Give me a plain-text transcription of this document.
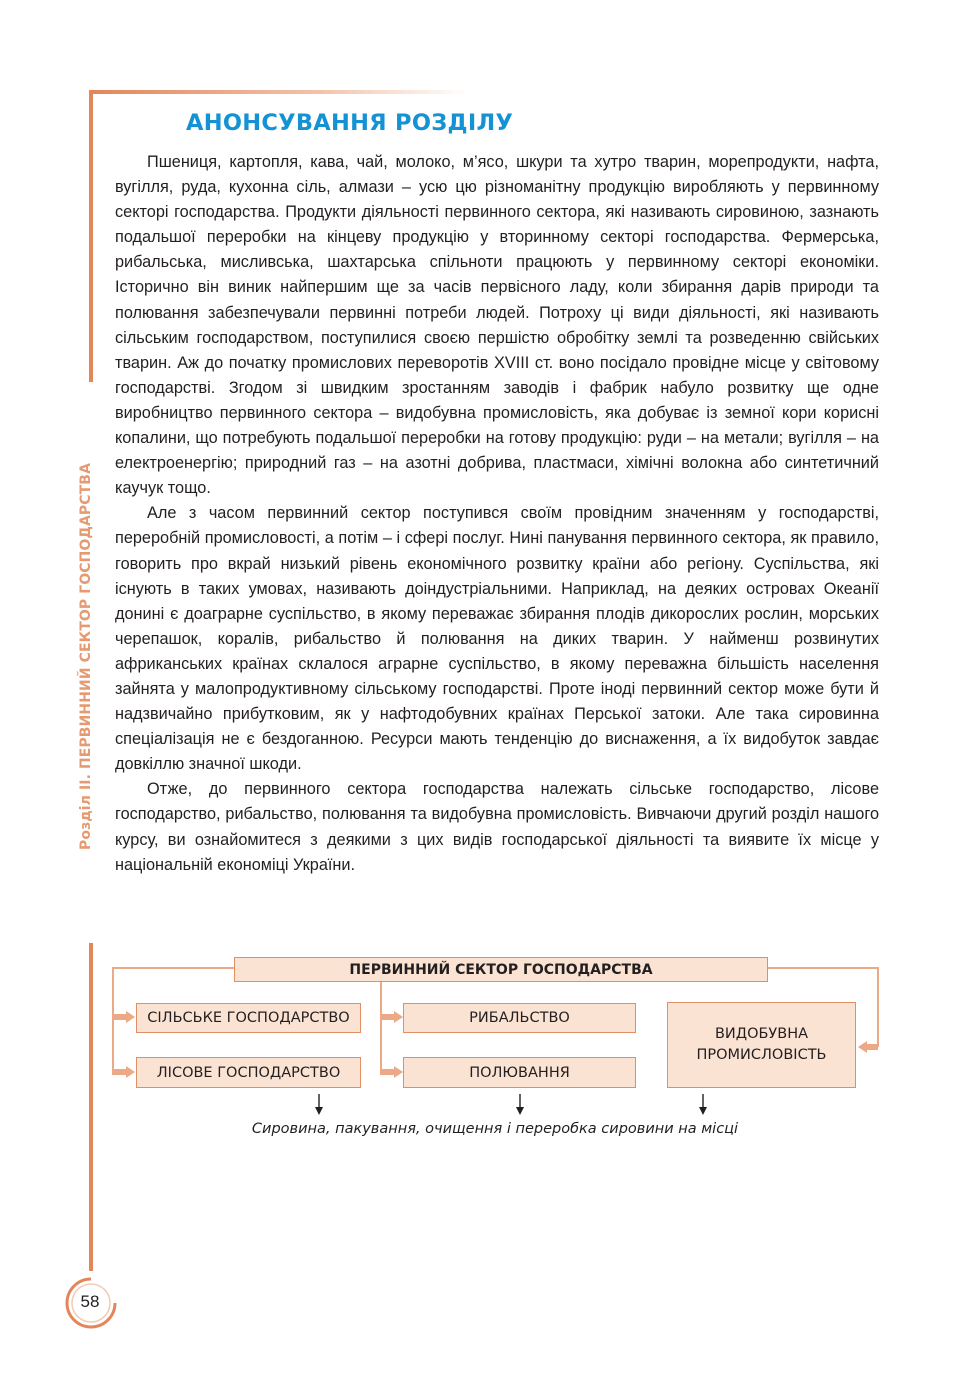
Розділ ІІ. ПЕРВИННИЙ СЕКТОР ГОСПОДАРСТВА
АНОНСУВАННЯ РОЗДІЛУ

Пшениця, картопля, кава, чай, молоко, м’ясо, шкури та хутро тварин, морепродукти, нафта, вугілля, руда, кухонна сіль, алмази – усю цю різноманітну продукцію виробляють у первинному секторі господарства. Продукти діяльності первинного сектора, які називають сировиною, зазнають подальшої переробки на кінцеву продукцію у вторинному секторі господарства. Фермерська, рибальська, мисливська, шахтарська спільноти працюють у первинному секторі економіки. Історично він виник найпершим ще за часів первісного ладу, коли збирання дарів природи та полювання забезпечували первинні потреби людей. Потроху ці види діяльності, які називають сільським господарством, поступилися своєю першістю обробітку землі та розведенню свійських тварин. Аж до початку промислових переворотів XVIII ст. воно посідало провідне місце у світовому господарстві. Згодом зі швидким зростанням заводів і фабрик набуло розвитку ще одне виробництво первинного сектора – видобувна промисловість, яка добуває із земної кори корисні копалини, що потребують подальшої переробки на готову продукцію: руди – на метали; вугілля – на електроенергію; природний газ – на азотні добрива, пластмаси, хімічні волокна або синтетичний каучук тощо.

Але з часом первинний сектор поступився своїм провідним значенням у господарстві, переробній промисловості, а потім – і сфері послуг. Нині панування первинного сектора, як правило, говорить про вкрай низький рівень економічного розвитку країни або регіону. Суспільства, які існують в таких умовах, називають доіндустріальними. Наприклад, на деяких островах Океанії донині є доаграрне суспільство, в якому переважає збирання плодів дикорослих рослин, морських черепашок, коралів, рибальство й полювання на диких тварин. У найменш розвинутих африканських країнах склалося аграрне суспільство, в якому переважна більшість населення зайнята у малопродуктивному сільському господарстві. Проте іноді первинний сектор може бути й надзвичайно прибутковим, як у нафтодобувних країнах Перської затоки. Але така сировинна спеціалізація не є бездоганною. Ресурси мають тенденцію до виснаження, а їх видобуток завдає довкіллю значної шкоди.

Отже, до первинного сектора господарства належать сільське господарство, лісове господарство, рибальство, полювання та видобувна промисловість. Вивчаючи другий розділ нашого курсу, ви ознайомитеся з деякими з цих видів господарської діяльності та виявите їх місце у національній економіці України.

ПЕРВИННИЙ СЕКТОР ГОСПОДАРСТВА
СІЛЬСЬКЕ ГОСПОДАРСТВО
ЛІСОВЕ ГОСПОДАРСТВО
РИБАЛЬСТВО
ПОЛЮВАННЯ
ВИДОБУВНА
ПРОМИСЛОВІСТЬ
Сировина, пакування, очищення і переробка сировини на місці
58
